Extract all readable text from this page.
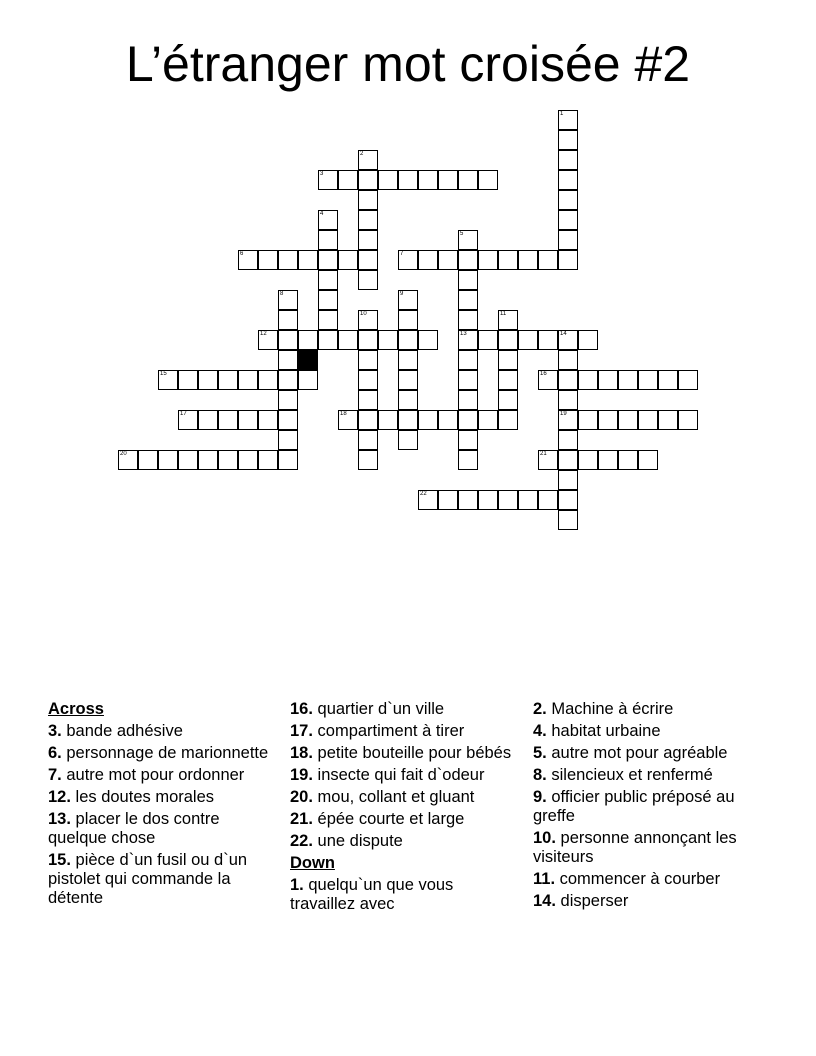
L’étranger mot croisée #2
1
2
3
4
5
13
6	7
8	9
10	11
12	14
19
15	16
17	18
20	21
22
Across
3. bande adhésive
6. personnage de marionnette
7. autre mot pour ordonner
12. les doutes morales
13. placer le dos contre quelque chose
15. pièce d`un fusil ou d`un pistolet qui commande la détente
16. quartier d`un ville
17. compartiment à tirer
18. petite bouteille pour bébés
19. insecte qui fait d`odeur
20. mou, collant et gluant
21. épée courte et large
22. une dispute
Down
1. quelqu`un que vous travaillez avec
2. Machine à écrire
4. habitat urbaine
5. autre mot pour agréable
8. silencieux et renfermé
9. officier public préposé au greffe
10. personne annonçant les visiteurs
11. commencer à courber
14. disperser
